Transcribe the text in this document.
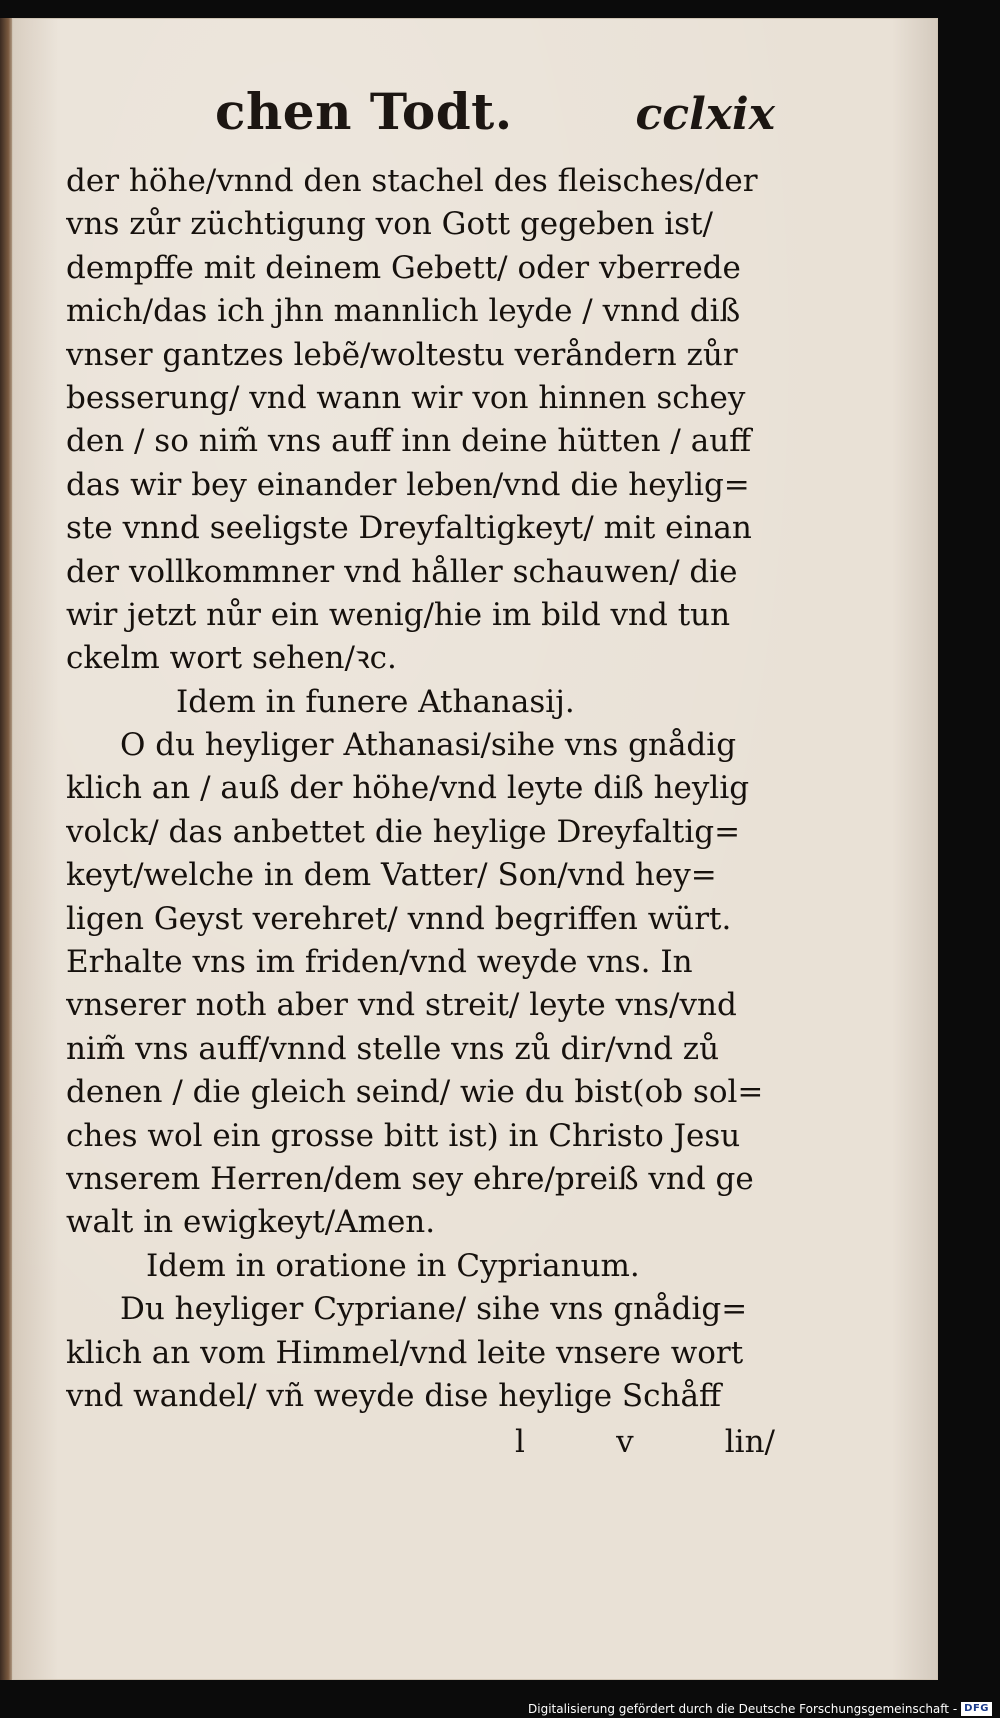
chen Todt.	cclxix
der höhe/vnnd den stachel des fleisches/der
vns zůr züchtigung von Gott gegeben ist/
dempffe mit deinem Gebett/ oder vberrede
mich/das ich jhn mannlich leyde / vnnd diß
vnser gantzes lebẽ/woltestu veråndern zůr
besserung/ vnd wann wir von hinnen schey
den / so nim̃ vns auff inn deine hütten / auff
das wir bey einander leben/vnd die heylig=
ste vnnd seeligste Dreyfaltigkeyt/ mit einan
der vollkommner vnd håller schauwen/ die
wir jetzt nůr ein wenig/hie im bild vnd tun
ckelm wort sehen/ꝛc.
Idem in funere Athanasij.
O du heyliger Athanasi/sihe vns gnådig
klich an / auß der höhe/vnd leyte diß heylig
volck/ das anbettet die heylige Dreyfaltig=
keyt/welche in dem Vatter/ Son/vnd hey=
ligen Geyst verehret/ vnnd begriffen würt.
Erhalte vns im friden/vnd weyde vns. In
vnserer noth aber vnd streit/ leyte vns/vnd
nim̃ vns auff/vnnd stelle vns zů dir/vnd zů
denen / die gleich seind/ wie du bist(ob sol=
ches wol ein grosse bitt ist) in Christo Jesu
vnserem Herren/dem sey ehre/preiß vnd ge
walt in ewigkeyt/Amen.
Idem in oratione in Cyprianum.
Du heyliger Cypriane/ sihe vns gnådig=
klich an vom Himmel/vnd leite vnsere wort
vnd wandel/ vñ weyde dise heylige Schåff
l	v	lin/
Digitalisierung gefördert durch die Deutsche Forschungsgemeinschaft - DFG
